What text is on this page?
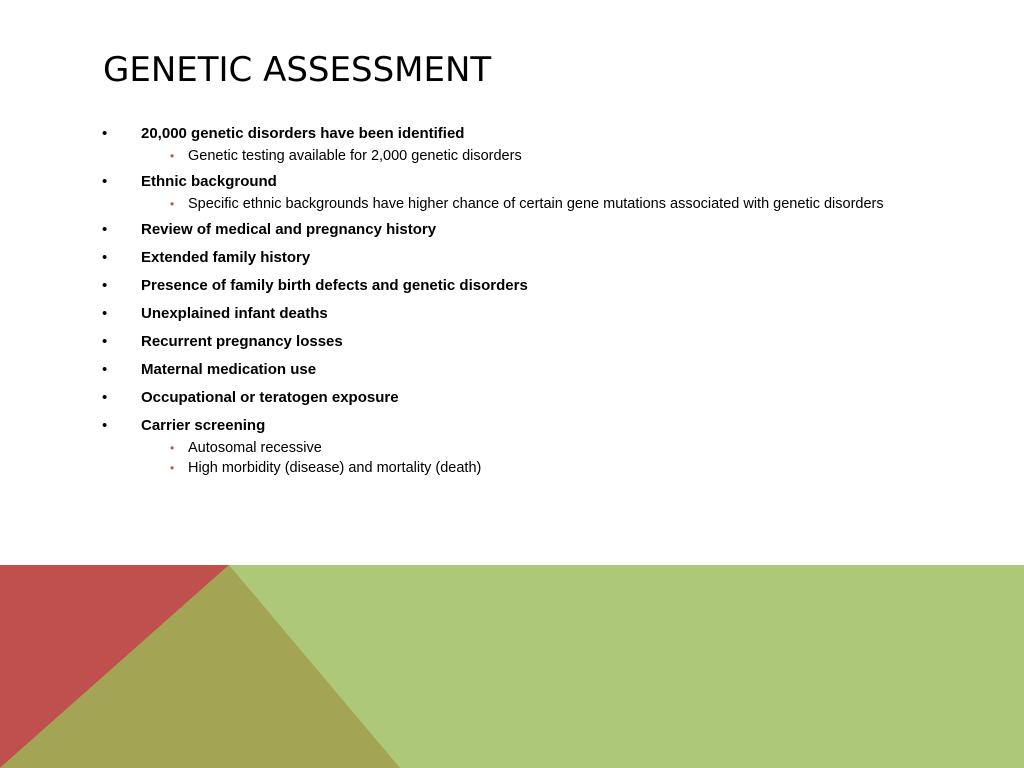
GENETIC ASSESSMENT
• 20,000 genetic disorders have been identified
• Genetic testing available for 2,000 genetic disorders
• Ethnic background
• Specific ethnic backgrounds have higher chance of certain gene mutations associated with genetic disorders
• Review of medical and pregnancy history
• Extended family history
• Presence of family birth defects and genetic disorders
• Unexplained infant deaths
• Recurrent pregnancy losses
• Maternal medication use
• Occupational or teratogen exposure
• Carrier screening
• Autosomal recessive
• High morbidity (disease) and mortality (death)
